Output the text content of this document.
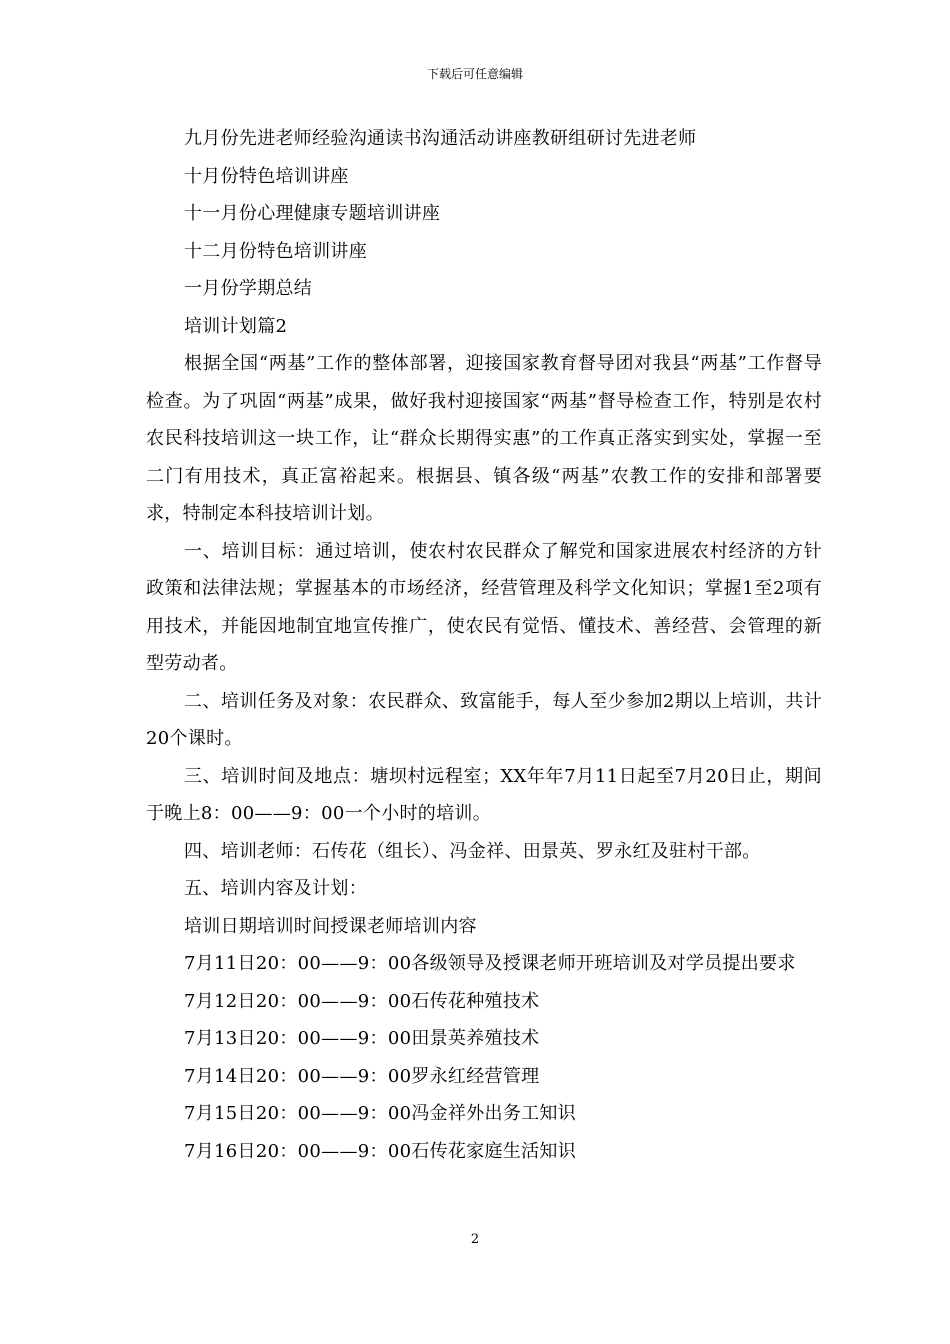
下载后可任意编辑

九月份先进老师经验沟通读书沟通活动讲座教研组研讨先进老师

十月份特色培训讲座

十一月份心理健康专题培训讲座

十二月份特色培训讲座

一月份学期总结

培训计划篇2

根据全国“两基”工作的整体部署，迎接国家教育督导团对我县“两基”工作督导检查。为了巩固“两基”成果，做好我村迎接国家“两基”督导检查工作，特别是农村农民科技培训这一块工作，让“群众长期得实惠”的工作真正落实到实处，掌握一至二门有用技术，真正富裕起来。根据县、镇各级“两基”农教工作的安排和部署要求，特制定本科技培训计划。

一、培训目标：通过培训，使农村农民群众了解党和国家进展农村经济的方针政策和法律法规；掌握基本的市场经济，经营管理及科学文化知识；掌握1至2项有用技术，并能因地制宜地宣传推广，使农民有觉悟、懂技术、善经营、会管理的新型劳动者。

二、培训任务及对象：农民群众、致富能手，每人至少参加2期以上培训，共计20个课时。

三、培训时间及地点：塘坝村远程室；XX年年7月11日起至7月20日止，期间于晚上8：00——9：00一个小时的培训。

四、培训老师：石传花（组长）、冯金祥、田景英、罗永红及驻村干部。

五、培训内容及计划：

培训日期培训时间授课老师培训内容

7月11日20：00——9：00各级领导及授课老师开班培训及对学员提出要求

7月12日20：00——9：00石传花种殖技术

7月13日20：00——9：00田景英养殖技术

7月14日20：00——9：00罗永红经营管理

7月15日20：00——9：00冯金祥外出务工知识

7月16日20：00——9：00石传花家庭生活知识

2
